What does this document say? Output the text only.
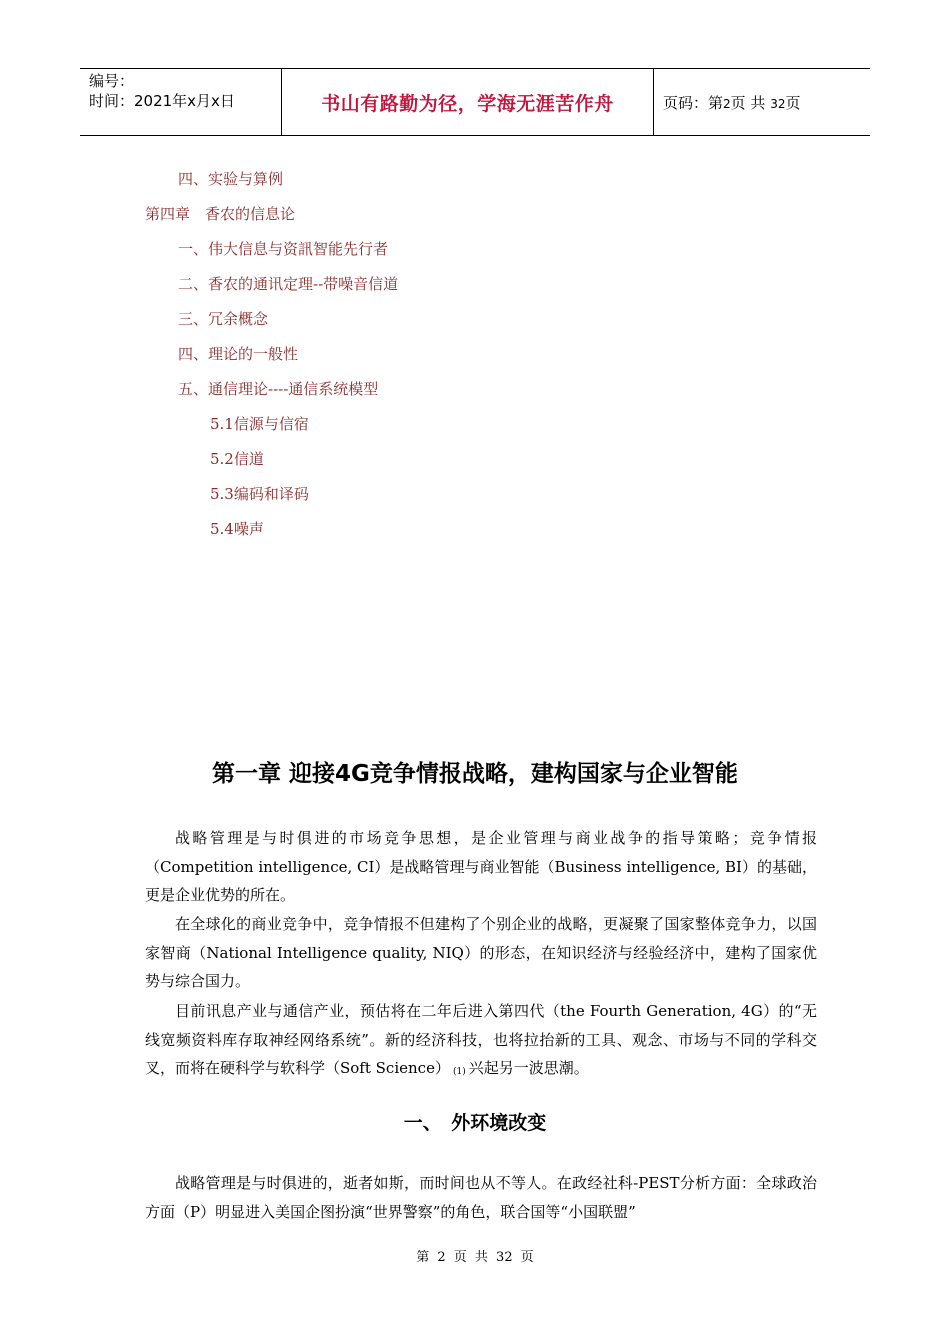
编号：
时间：2021年x月x日	书山有路勤为径，学海无涯苦作舟	页码：第2页 共 32页
四、实验与算例
第四章　香农的信息论
一、伟大信息与资訊智能先行者
二、香农的通讯定理--带噪音信道
三、冗余概念
四、理论的一般性
五、通信理论----通信系统模型
5.1信源与信宿
5.2信道
5.3编码和译码
5.4噪声
第一章 迎接4G竞争情报战略，建构国家与企业智能
战略管理是与时俱进的市场竞争思想，是企业管理与商业战争的指导策略；竞争情报（Competition intelligence, CI）是战略管理与商业智能（Business intelligence, BI）的基础，更是企业优势的所在。
在全球化的商业竞争中，竞争情报不但建构了个别企业的战略，更凝聚了国家整体竞争力，以国家智商（National Intelligence quality, NIQ）的形态，在知识经济与经验经济中，建构了国家优势与综合国力。
目前讯息产业与通信产业，预估将在二年后进入第四代（the Fourth Generation, 4G）的“无线宽频资料库存取神经网络系统”。新的经济科技，也将拉抬新的工具、观念、市场与不同的学科交叉，而将在硬科学与软科学（Soft Science） $_{(1)}$ 兴起另一波思潮。
一、　外环境改变
战略管理是与时俱进的，逝者如斯，而时间也从不等人。在政经社科-PEST分析方面：全球政治方面（P）明显进入美国企图扮演“世界警察”的角色，联合国等“小国联盟”
第 2 页 共 32 页
